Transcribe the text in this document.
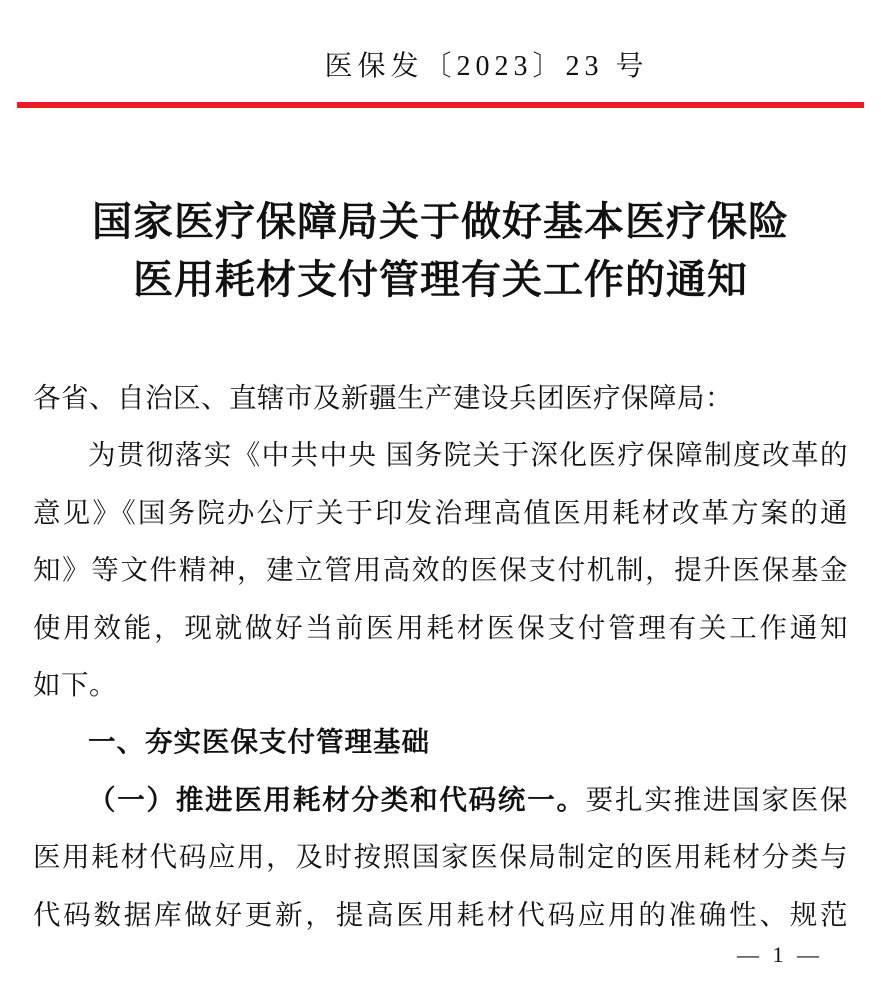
医保发〔2023〕23 号
国家医疗保障局关于做好基本医疗保险
医用耗材支付管理有关工作的通知
各省、自治区、直辖市及新疆生产建设兵团医疗保障局：
为贯彻落实《中共中央 国务院关于深化医疗保障制度改革的
意见》《国务院办公厅关于印发治理高值医用耗材改革方案的通
知》等文件精神，建立管用高效的医保支付机制，提升医保基金
使用效能，现就做好当前医用耗材医保支付管理有关工作通知
如下。
一、夯实医保支付管理基础
（一）推进医用耗材分类和代码统一。要扎实推进国家医保
医用耗材代码应用，及时按照国家医保局制定的医用耗材分类与
代码数据库做好更新，提高医用耗材代码应用的准确性、规范
— 1 —
